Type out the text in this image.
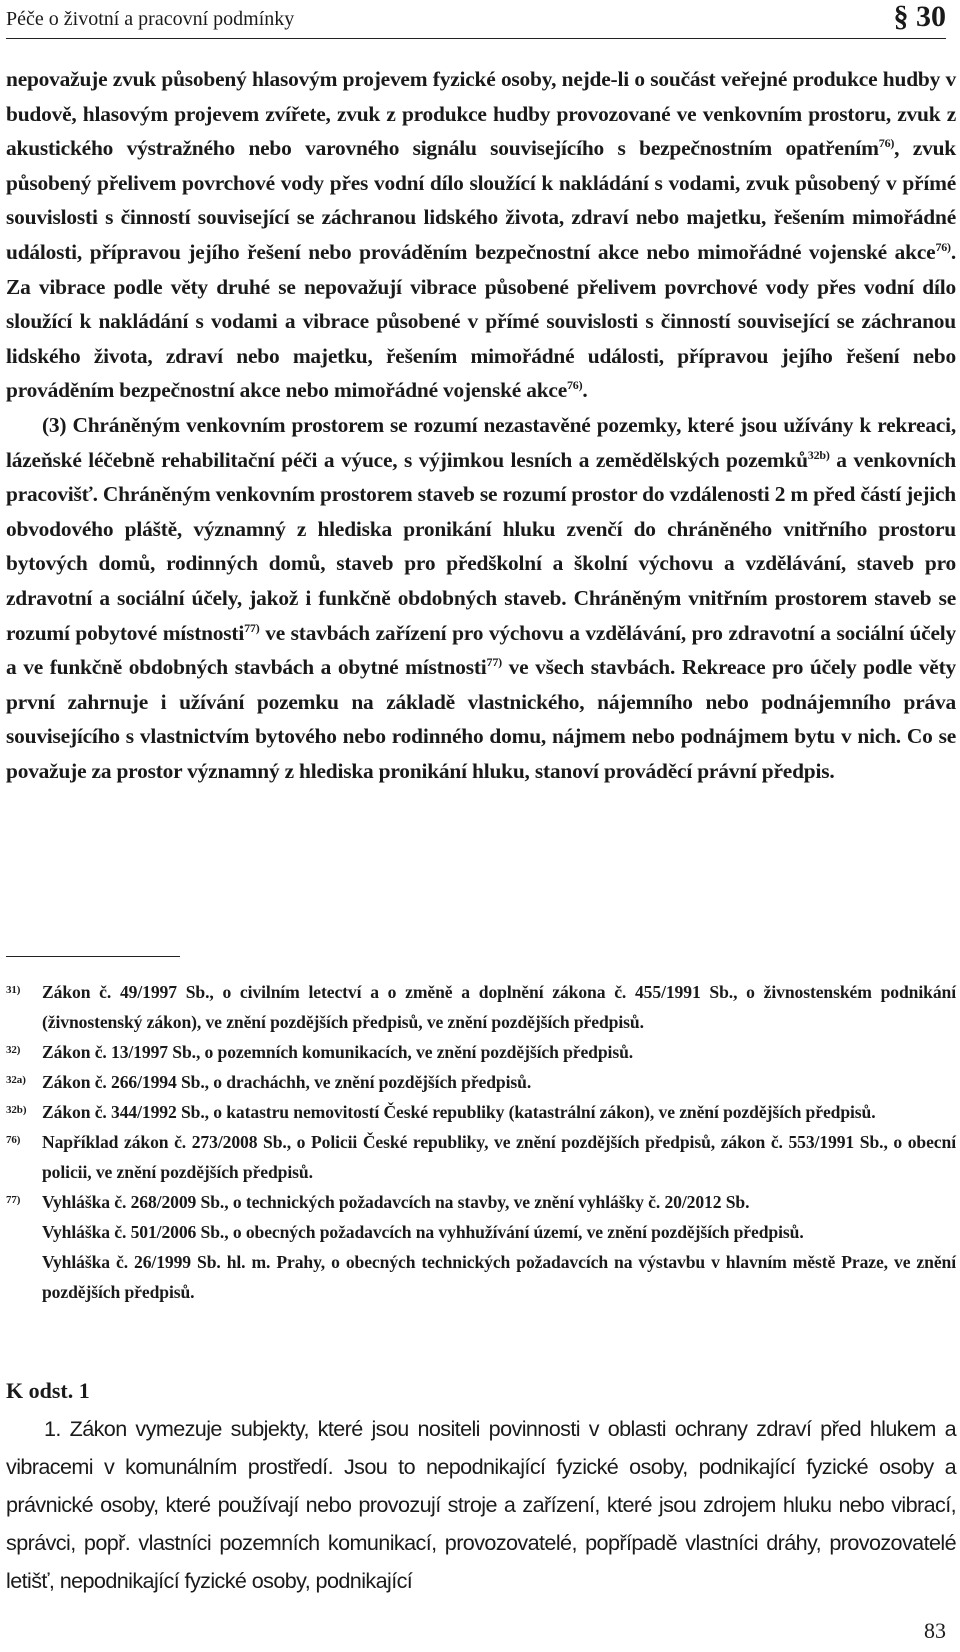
Péče o životní a pracovní podmínky	§ 30

nepovažuje zvuk působený hlasovým projevem fyzické osoby, nejde-li o součást veřejné produkce hudby v budově, hlasovým projevem zvířete, zvuk z produkce hudby provozované ve venkovním prostoru, zvuk z akustického výstražného nebo varovného signálu souvisejícího s bezpečnostním opatřením$^{76)}$, zvuk působený přelivem povrchové vody přes vodní dílo sloužící k nakládání s vodami, zvuk působený v přímé souvislosti s činností související se záchranou lidského života, zdraví nebo majetku, řešením mimořádné události, přípravou jejího řešení nebo prováděním bezpečnostní akce nebo mimořádné vojenské akce$^{76)}$. Za vibrace podle věty druhé se nepovažují vibrace působené přelivem povrchové vody přes vodní dílo sloužící k nakládání s vodami a vibrace působené v přímé souvislosti s činností související se záchranou lidského života, zdraví nebo majetku, řešením mimořádné události, přípravou jejího řešení nebo prováděním bezpečnostní akce nebo mimořádné vojenské akce$^{76)}$.

(3) Chráněným venkovním prostorem se rozumí nezastavěné pozemky, které jsou užívány k rekreaci, lázeňské léčebně rehabilitační péči a výuce, s výjimkou lesních a zemědělských pozemků$^{32b)}$ a venkovních pracovišť. Chráněným venkovním prostorem staveb se rozumí prostor do vzdálenosti 2 m před částí jejich obvodového pláště, významný z hlediska pronikání hluku zvenčí do chráněného vnitřního prostoru bytových domů, rodinných domů, staveb pro předškolní a školní výchovu a vzdělávání, staveb pro zdravotní a sociální účely, jakož i funkčně obdobných staveb. Chráněným vnitřním prostorem staveb se rozumí pobytové místnosti$^{77)}$ ve stavbách zařízení pro výchovu a vzdělávání, pro zdravotní a sociální účely a ve funkčně obdobných stavbách a obytné místnosti$^{77)}$ ve všech stavbách. Rekreace pro účely podle věty první zahrnuje i užívání pozemku na základě vlastnického, nájemního nebo podnájemního práva souvisejícího s vlastnictvím bytového nebo rodinného domu, nájmem nebo podnájmem bytu v nich. Co se považuje za prostor významný z hlediska pronikání hluku, stanoví prováděcí právní předpis.

31) Zákon č. 49/1997 Sb., o civilním letectví a o změně a doplnění zákona č. 455/1991 Sb., o živnostenském podnikání (živnostenský zákon), ve znění pozdějších předpisů, ve znění pozdějších předpisů.
32) Zákon č. 13/1997 Sb., o pozemních komunikacích, ve znění pozdějších předpisů.
32a) Zákon č. 266/1994 Sb., o dracháchh, ve znění pozdějších předpisů.
32b) Zákon č. 344/1992 Sb., o katastru nemovitostí České republiky (katastrální zákon), ve znění pozdějších předpisů.
76) Například zákon č. 273/2008 Sb., o Policii České republiky, ve znění pozdějších předpisů, zákon č. 553/1991 Sb., o obecní policii, ve znění pozdějších předpisů.
77) Vyhláška č. 268/2009 Sb., o technických požadavcích na stavby, ve znění vyhlášky č. 20/2012 Sb.
Vyhláška č. 501/2006 Sb., o obecných požadavcích na vyhhužívání území, ve znění pozdějších předpisů.
Vyhláška č. 26/1999 Sb. hl. m. Prahy, o obecných technických požadavcích na výstavbu v hlavním městě Praze, ve znění pozdějších předpisů.
K odst. 1

1. Zákon vymezuje subjekty, které jsou nositeli povinnosti v oblasti ochrany zdraví před hlukem a vibracemi v komunálním prostředí. Jsou to nepodnikající fyzické osoby, podnikající fyzické osoby a právnické osoby, které používají nebo provozují stroje a zařízení, které jsou zdrojem hluku nebo vibrací, správci, popř. vlastníci pozemních komunikací, provozovatelé, popřípadě vlastníci dráhy, provozovatelé letišť, nepodnikající fyzické osoby, podnikající

83
